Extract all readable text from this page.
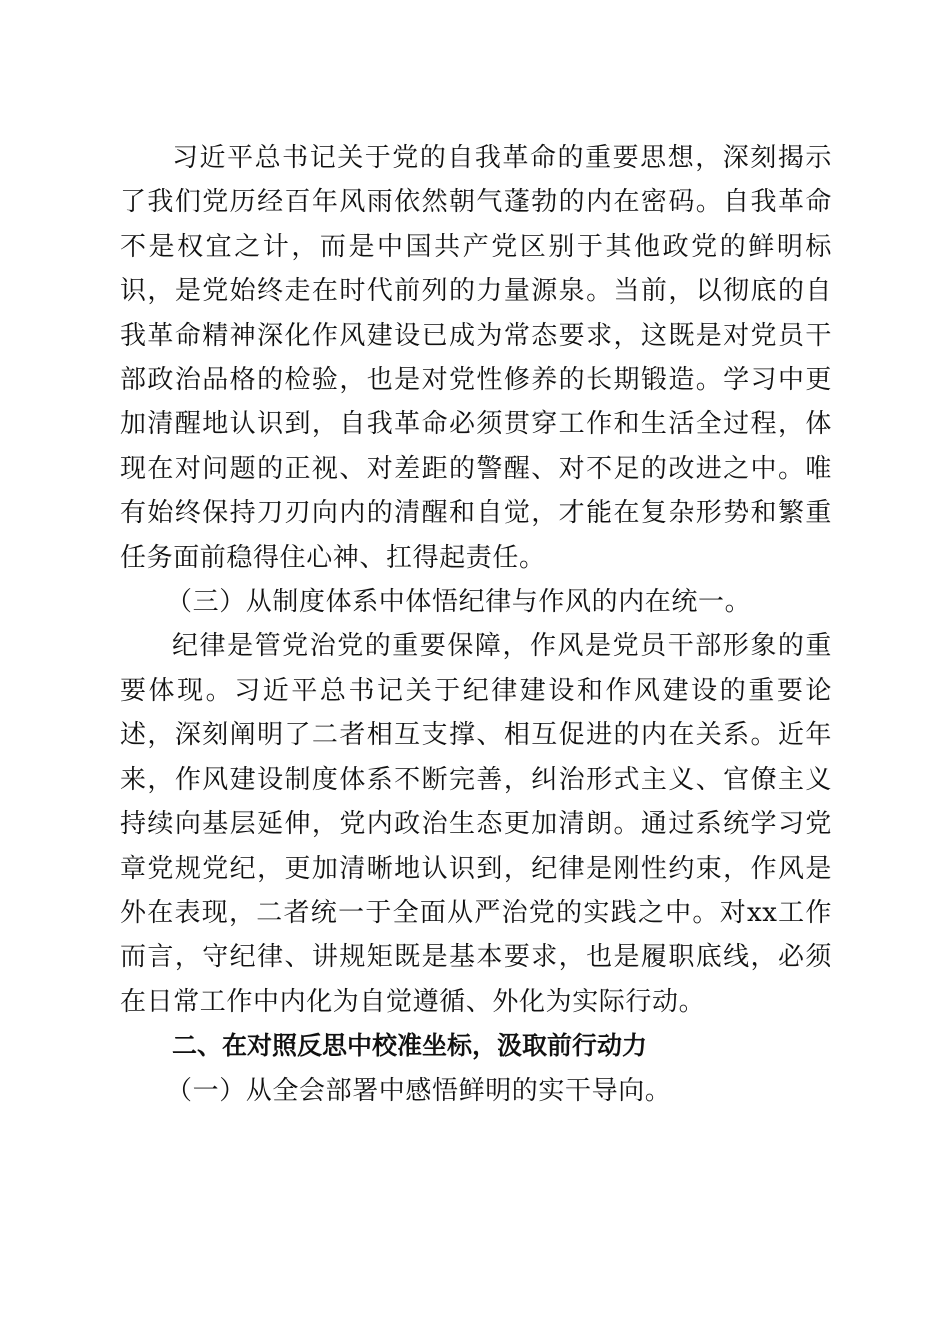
习近平总书记关于党的自我革命的重要思想，深刻揭示了我们党历经百年风雨依然朝气蓬勃的内在密码。自我革命不是权宜之计，而是中国共产党区别于其他政党的鲜明标识，是党始终走在时代前列的力量源泉。当前，以彻底的自我革命精神深化作风建设已成为常态要求，这既是对党员干部政治品格的检验，也是对党性修养的长期锻造。学习中更加清醒地认识到，自我革命必须贯穿工作和生活全过程，体现在对问题的正视、对差距的警醒、对不足的改进之中。唯有始终保持刀刃向内的清醒和自觉，才能在复杂形势和繁重任务面前稳得住心神、扛得起责任。

（三）从制度体系中体悟纪律与作风的内在统一。

纪律是管党治党的重要保障，作风是党员干部形象的重要体现。习近平总书记关于纪律建设和作风建设的重要论述，深刻阐明了二者相互支撑、相互促进的内在关系。近年来，作风建设制度体系不断完善，纠治形式主义、官僚主义持续向基层延伸，党内政治生态更加清朗。通过系统学习党章党规党纪，更加清晰地认识到，纪律是刚性约束，作风是外在表现，二者统一于全面从严治党的实践之中。对xx工作而言，守纪律、讲规矩既是基本要求，也是履职底线，必须在日常工作中内化为自觉遵循、外化为实际行动。

二、在对照反思中校准坐标，汲取前行动力

（一）从全会部署中感悟鲜明的实干导向。
